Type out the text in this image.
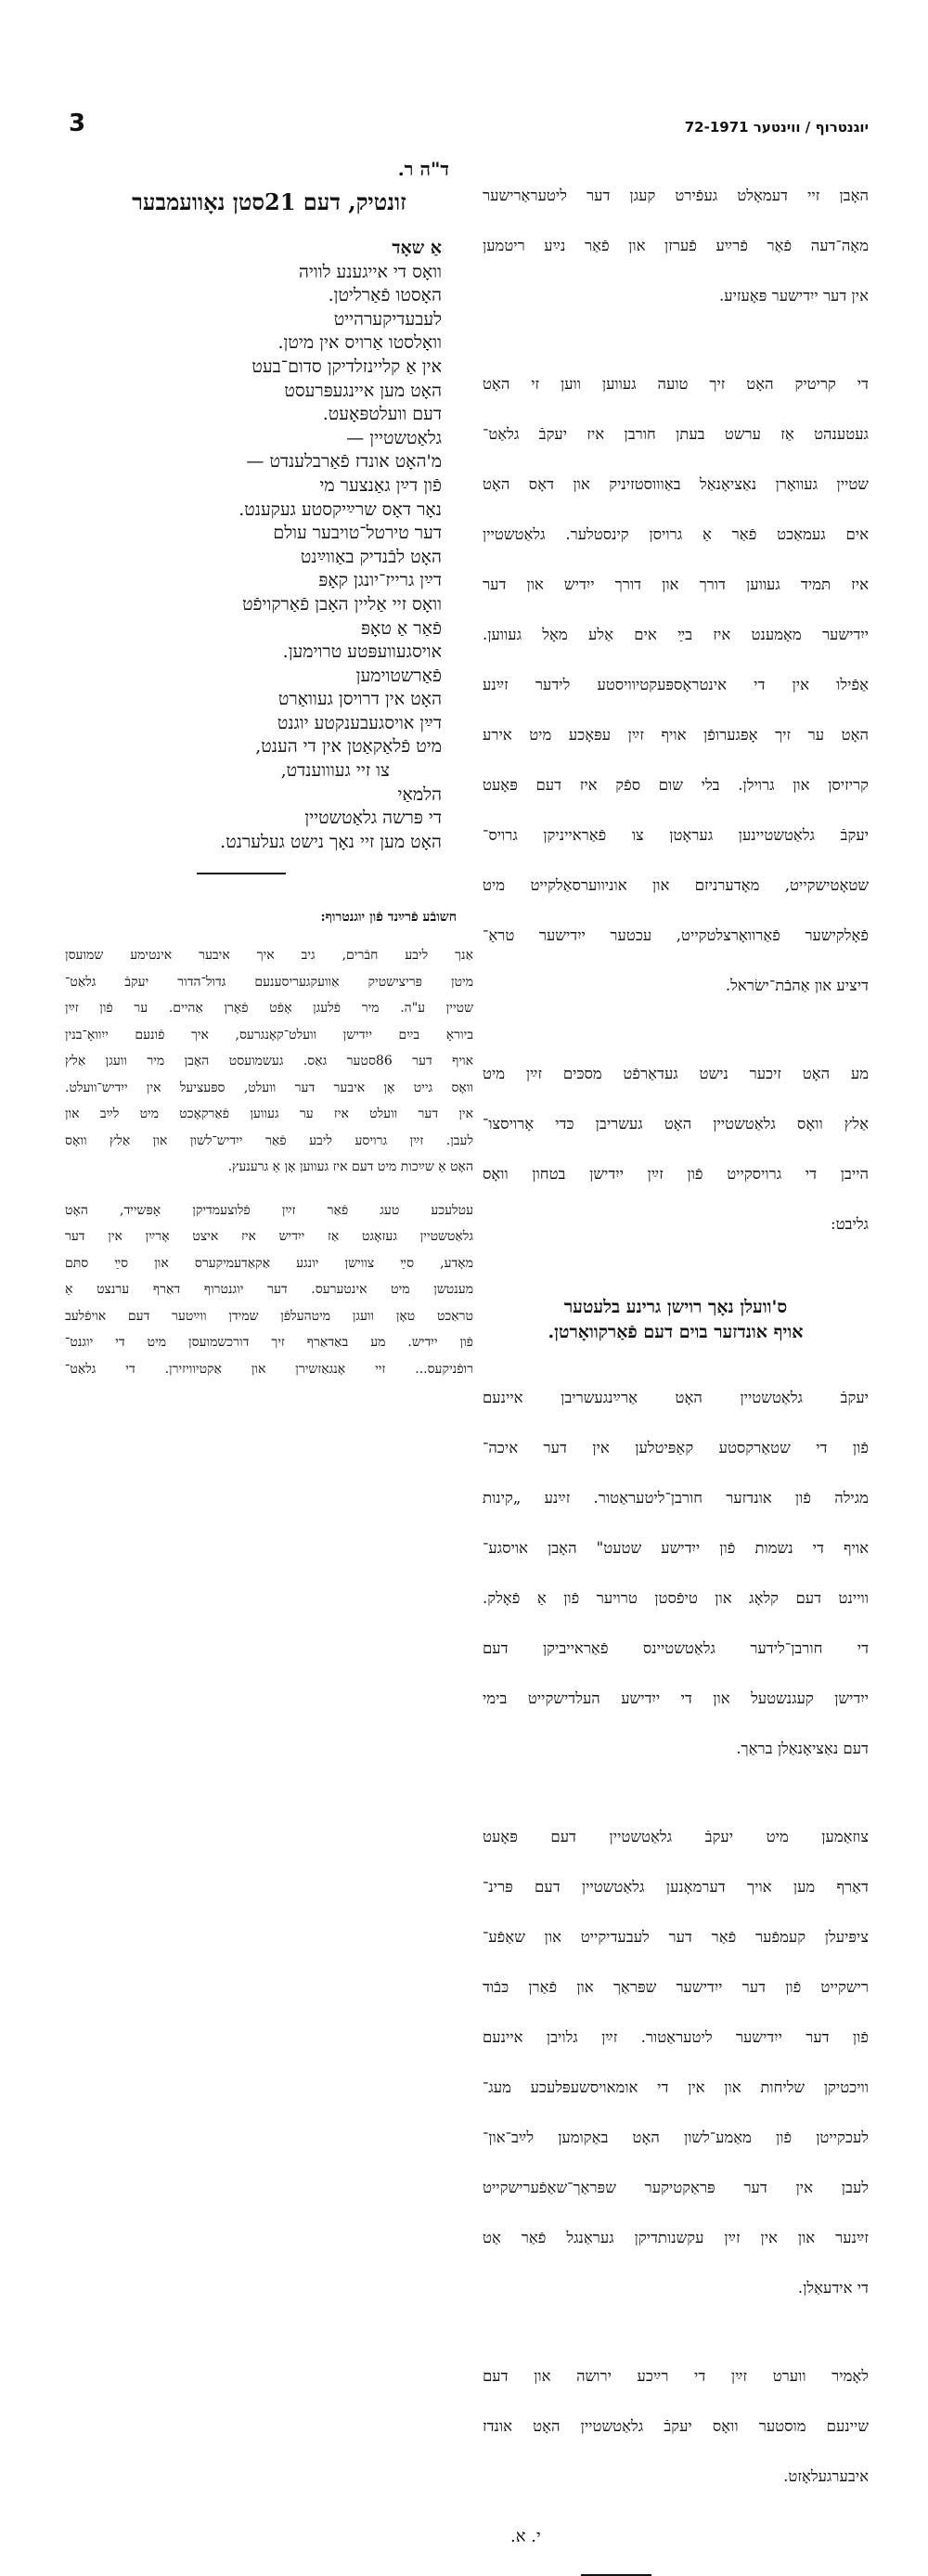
3	יוגנטרוף / ווינטער 72-1971

האָבן זיי דעמאָלט געפֿירט קעגן דער ליטעראַרישער

מאָה־דעה פֿאַר פֿרײַע פֿערזן און פֿאַר נײַע ריטמען

אין דער ייִדישער פּאָעזיע.

די קריטיק האָט זיך טועה געווען ווען זי האָט

געטענהט אַז ערשט בעתן חורבן איז יעקבֿ גלאַט־

שטיין געוואָרן נאַציאָנאַל באַוווסטזיניק און דאָס האָט

אים געמאַכט פֿאַר אַ גרויסן קינסטלער. גלאַטשטיין

איז תּמיד געווען דורך און דורך ייִדיש און דער

ייִדישער מאָמענט איז בײַ אים אַלע מאָל געווען.

אַפֿילו אין די אינטראָספּעקטיוויסטע לידער זײַנע

האָט ער זיך אָפּגערופֿן אויף זײַן עפּאָכע מיט אירע

קריזיסן און גרוילן. בלי שום ספֿק איז דעם פּאָעט

יעקבֿ גלאַטשטיינען געראָטן צו פֿאַראייניקן גרויס־

שטאָטישקייט, מאָדערניזם און אוניווערסאַלקייט מיט

פֿאָלקישער פֿאַרוואָרצלטקייט, עכטער ייִדישער טראַ־

דיציע און אַהבֿת־ישׂראל.

מע האָט זיכער נישט געדאַרפֿט מסכּים זײַן מיט

אַלץ וואָס גלאַטשטיין האָט געשריבן כּדי אָרויסצו־

הייבן די גרויסקייט פֿון זײַן ייִדישן בטחון וואָס

גליבט:

ס'וועלן נאָך רוישן גרינע בלעטער
אויף אונדזער בוים דעם פֿאַרקוואָרטן.

יעקבֿ גלאַטשטיין האָט אַרײַנגעשריבן איינעם

פֿון די שטאַרקסטע קאַפּיטלען אין דער איכה־

מגילה פֿון אונדזער חורבן־ליטעראַטור. זײַנע „קינות

אויף די נשמות פֿון ייִדישע שטעט" האָבן אויסגע־

וויינט דעם קלאָג און טיפֿסטן טרויער פֿון אַ פֿאָלק.

די חורבן־לידער גלאַטשטיינס פֿאַראייביקן דעם

ייִדישן קעגנשטעל און די ייִדישע העלדישקייט בימי

דעם נאַציאָנאַלן בראַך.

צוזאַמען מיט יעקבֿ גלאַטשטיין דעם פּאָעט

דאַרף מען אויך דערמאָנען גלאַטשטיין דעם פּרינ־

ציפּיעלן קעמפֿער פֿאַר דער לעבעדיקייט און שאַפֿע־

רישקייט פֿון דער ייִדישער שפּראַך און פֿאַרן כּבֿוד

פֿון דער ייִדישער ליטעראַטור. זײַן גלויבן איינעם

וויכטיקן שליחות און אין די אומאויסשעפּלעכע מעג־

לעכקייטן פֿון מאַמע־לשון האָט באַקומען לײַב־און־

לעבן אין דער פּראַקטיקער שפּראַך־שאַפֿערישקייט

זײַנער און אין זײַן עקשנותדיקן געראַנגל פֿאַר אַט

די אידעאַלן.

לאָמיר ווערט זײַן די רײַכע ירושה און דעם

שיינעם מוסטער וואָס יעקבֿ גלאַטשטיין האָט אונדז

איבערגעלאָזט.

י. א.
ד"ה ר.
זונטיק, דעם 21סטן נאָוועמבער
אַ שאָד
וואָס די אייגענע לוויה
האָסטו פֿאַרליטן.
לעבעדיקערהייט
וואָלסטו אַרויס אין מיטן.
אין אַ קליינזלדיקן סדום־בעט
האָט מען איינגעפּרעסט
דעם וועלטפּאָעט.
גלאַטשטיין —
מ'האָט אונדז פֿאַרבלענדט —
פֿון דײַן גאַנצער מי
נאָר דאָס שרײַיקסטע געקענט.
דער טירטל־טויבער עולם
האָט לבֿנדיק באַווײַנט
דײַן גרייז־יונגן קאָפּ
וואָס זיי אַליין האָבן פֿאַרקויפֿט
פֿאַר אַ טאָפּ
אויסגעוועפּטע טרוימען.
פֿאַרשטוימען
האָט אין דרויסן געוואַרט
דײַן אויסגעבענקטע יוגנט
מיט פֿלאַקאַטן אין די הענט,
צו זיי געוווענדט,
הלמאַי
די פּרשה גלאַטשטיין
האָט מען זיי נאָך נישט געלערנט.
חשובֿע פֿרײַנד פֿון יוגנטרוף:
אַנך ליבע חבֿרים, גיב איך איבער אינטימע שמועסן
מיטן פּריצישטיק אַוועקגעריסענעם גדול־הדור יעקבֿ גלאַט־
שטיין ע"ה. מיר פֿלעגן אָפֿט פֿאָרן אַהיים. ער פֿון זײַן
ביוראָ בײַם ייִדישן וועלט־קאָנגרעס, איך פֿונעם ייִוואָ־בנין
אויף דער 86סטער גאַס. געשמועסט האָבן מיר וועגן אַלץ
וואָס גייט אָן איבער דער וועלט, ספּעציעל אין ייִדיש־וועלט.
אין דער וועלט איז ער געווען פֿאַרקאָכט מיט לײַב און
לעבן. זײַן גרויסע ליבע פֿאַר ייִדיש־לשון און אַלץ וואָס
האָט אַ שײַכות מיט דעם איז געווען אָן אַ גרענעץ.
עטלעכע טעג פֿאַר זײַן פֿלוצעמדיקן אָפּשייד, האָט
גלאַטשטיין געזאָגט אַז ייִדיש איז איצט אָרײַן אין דער
מאָדע, סײַ צווישן יונגע אַקאַדעמיקערס און סײַ סתּם
מענטשן מיט אינטערעס. דער יוגנטרוף דאַרף ערנצט אַ
טראַכט טאָן וועגן מיטהעלפֿן שמידן ווײַטער דעם אויפֿלעב
פֿון ייִדיש. מע באַדאַרף זיך דורכשמועסן מיט די יוגנט־
רופֿניקעס... זיי אָנגאַזשירן און אַקטיוויזירן. די גלאַט־
